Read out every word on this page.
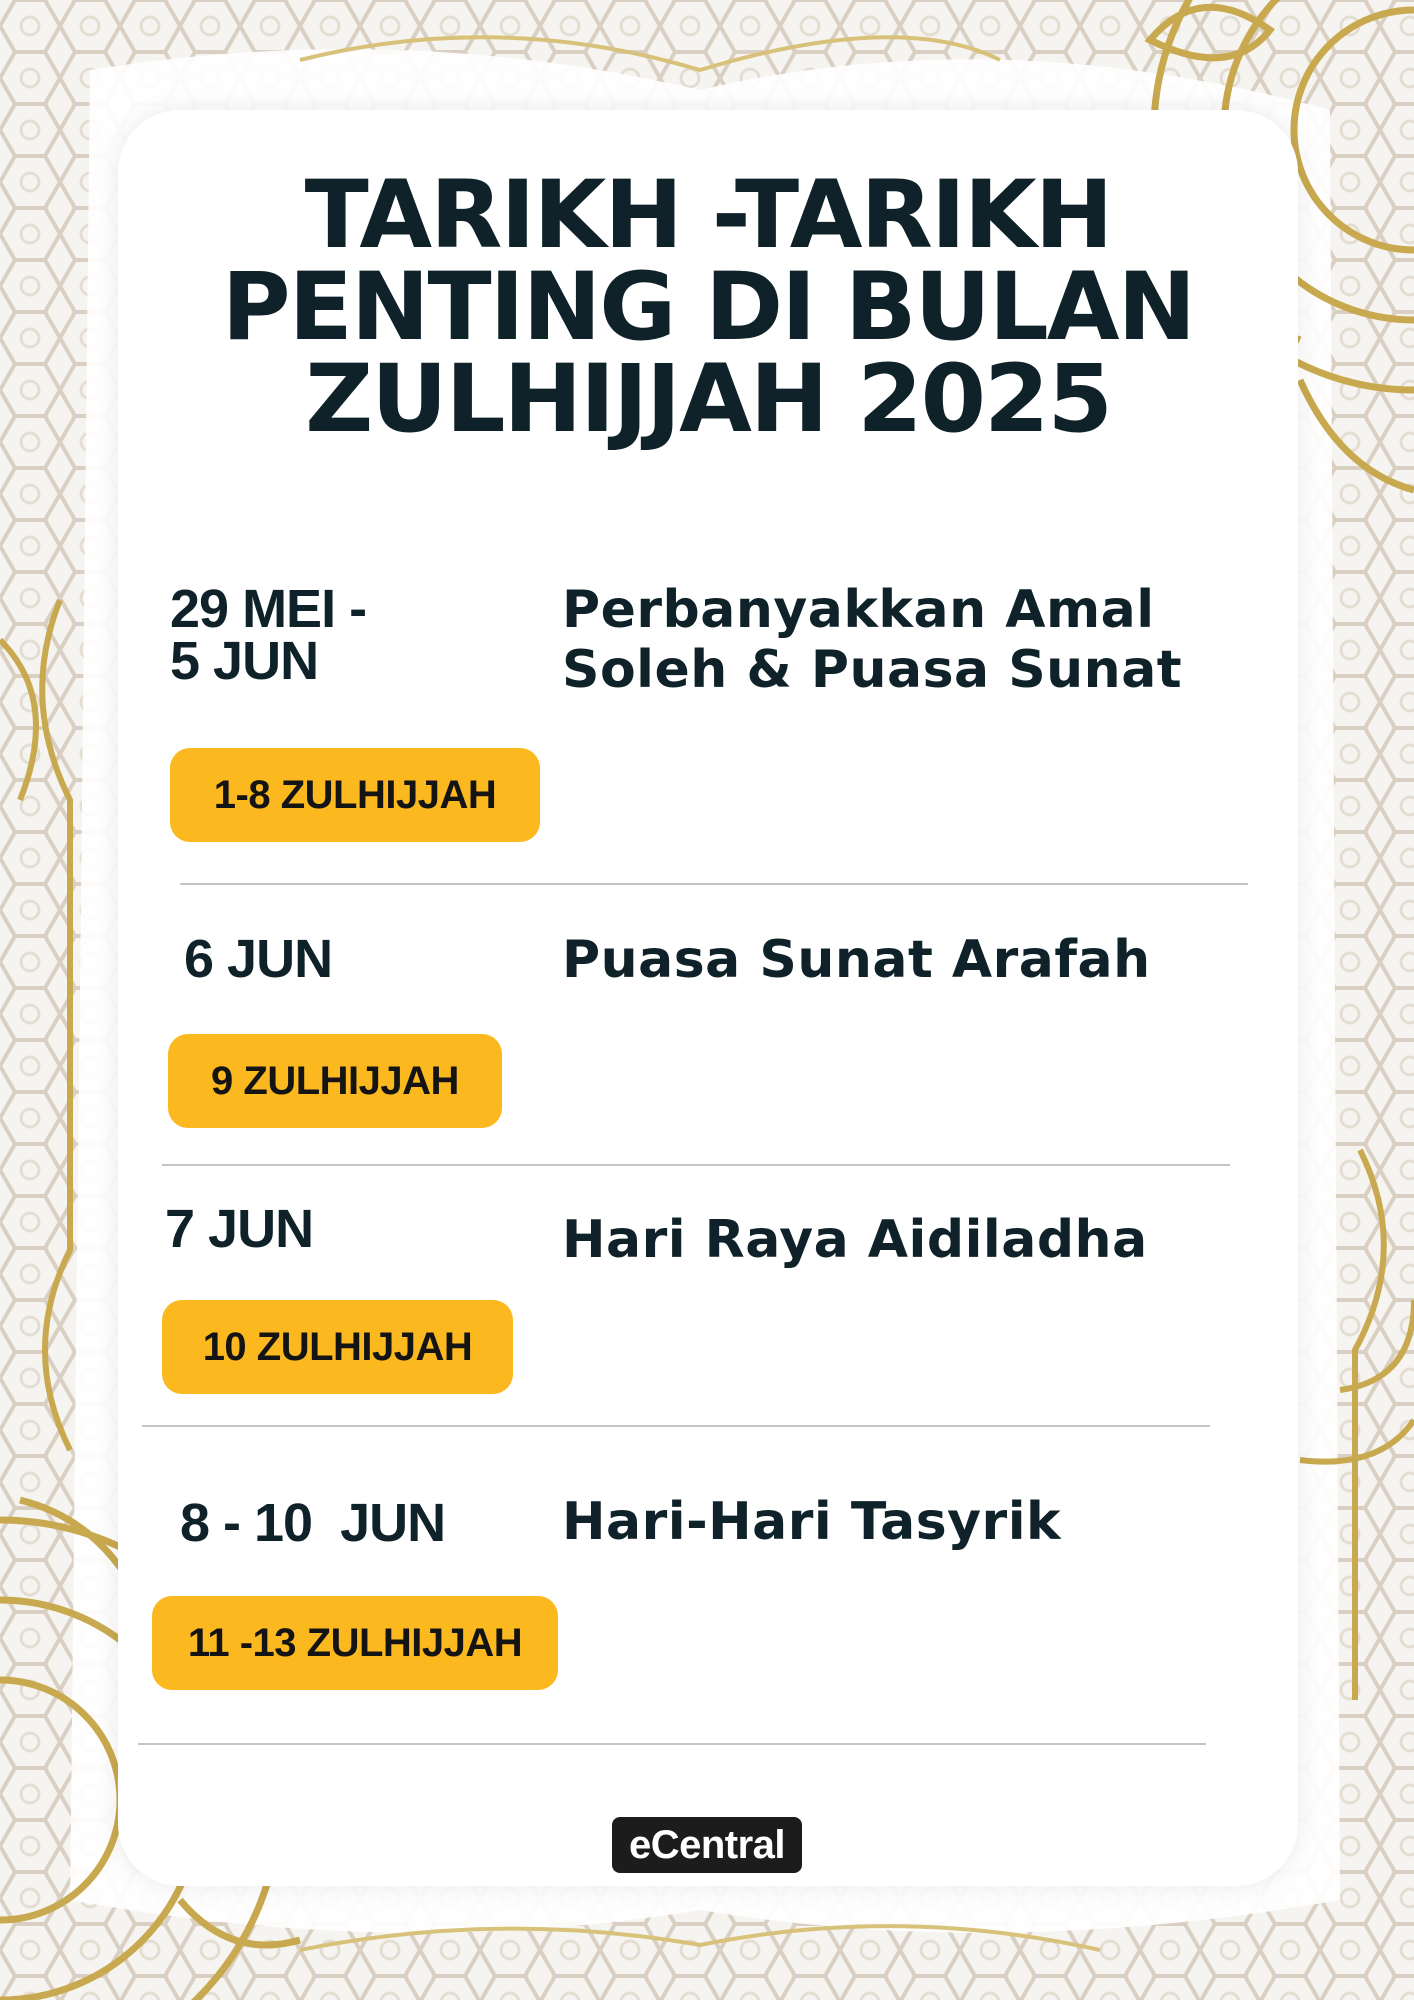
TARIKH -TARIKH
PENTING DI BULAN
ZULHIJJAH 2025
29 MEI -
5 JUN
Perbanyakkan Amal
Soleh & Puasa Sunat
1-8 ZULHIJJAH
6 JUN	Puasa Sunat Arafah
9 ZULHIJJAH
7 JUN	Hari Raya Aidiladha
10 ZULHIJJAH
8 - 10  JUN Hari-Hari Tasyrik
11 -13 ZULHIJJAH
eCentral
